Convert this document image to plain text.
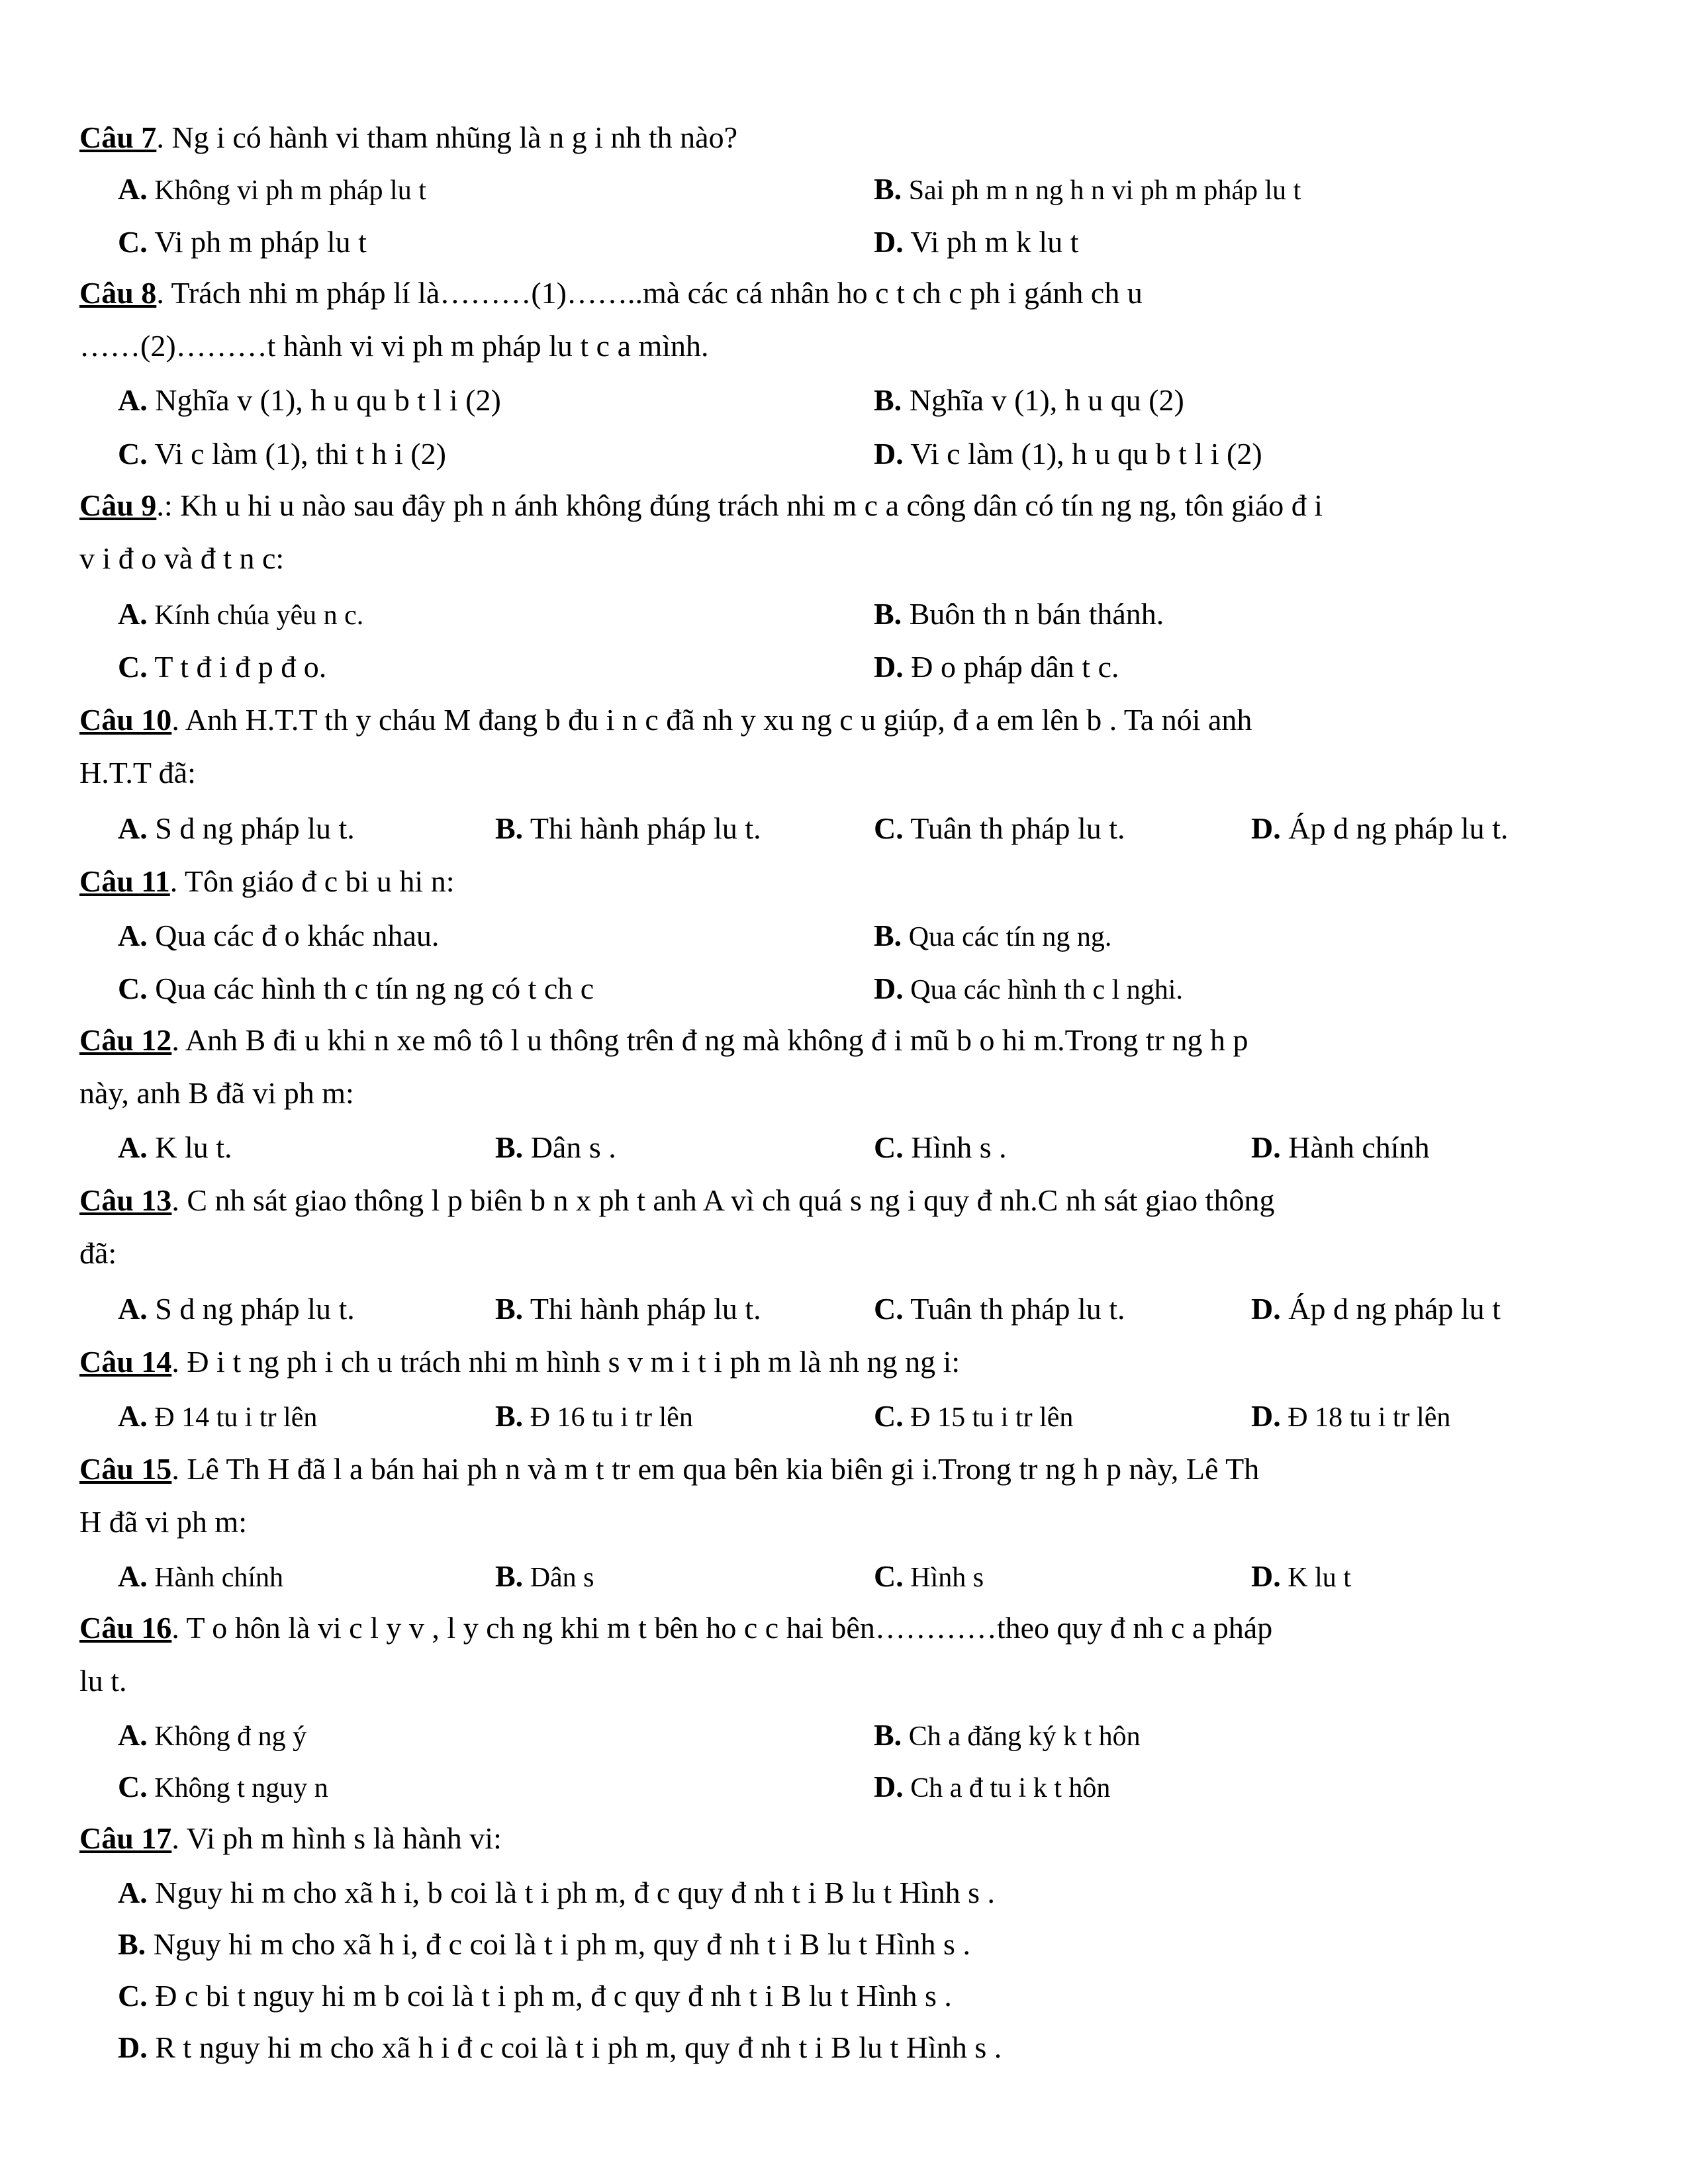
Câu 7. Ng i có hành vi tham nhũng là n g i nh th nào?
A. Không vi ph m pháp lu t	B. Sai ph m n ng h n vi ph m pháp lu t
C. Vi ph m pháp lu t	D. Vi ph m k lu t
Câu 8. Trách nhi m pháp lí là………(1)……..mà các cá nhân ho c t ch c ph i gánh ch u
……(2)………t hành vi vi ph m pháp lu t c a mình.
A. Nghĩa v (1), h u qu b t l i (2)	B. Nghĩa v (1), h u qu (2)
C. Vi c làm (1), thi t h i (2)	D. Vi c làm (1), h u qu b t l i (2)
Câu 9.: Kh u hi u nào sau đây ph n ánh không đúng trách nhi m c a công dân có tín ng ng, tôn giáo đ i
v i đ o và đ t n c:
A. Kính chúa yêu n c.	B. Buôn th n bán thánh.
C. T t đ i đ p đ o.	D. Đ o pháp dân t c.
Câu 10. Anh H.T.T th y cháu M đang b đu i n c đã nh y xu ng c u giúp, đ a em lên b . Ta nói anh
H.T.T đã:
A. S d ng pháp lu t.	B. Thi hành pháp lu t.	C. Tuân th pháp lu t.	D. Áp d ng pháp lu t.
Câu 11. Tôn giáo đ c bi u hi n:
A. Qua các đ o khác nhau.	B. Qua các tín ng ng.
C. Qua các hình th c tín ng ng có t ch c	D. Qua các hình th c l nghi.
Câu 12. Anh B đi u khi n xe mô tô l u thông trên đ ng mà không đ i mũ b o hi m.Trong tr ng h p
này, anh B đã vi ph m:
A. K lu t.	B. Dân s .	C. Hình s .	D. Hành chính
Câu 13. C nh sát giao thông l p biên b n x ph t anh A vì ch quá s ng i quy đ nh.C nh sát giao thông
đã:
A. S d ng pháp lu t.	B. Thi hành pháp lu t.	C. Tuân th pháp lu t.	D. Áp d ng pháp lu t
Câu 14. Đ i t ng ph i ch u trách nhi m hình s v m i t i ph m là nh ng ng i:
A. Đ 14 tu i tr lên	B. Đ 16 tu i tr lên	C. Đ 15 tu i tr lên	D. Đ 18 tu i tr lên
Câu 15. Lê Th H đã l a bán hai ph n và m t tr em qua bên kia biên gi i.Trong tr ng h p này, Lê Th
H đã vi ph m:
A. Hành chính	B. Dân s	C. Hình s	D. K lu t
Câu 16. T o hôn là vi c l y v , l y ch ng khi m t bên ho c c hai bên…………theo quy đ nh c a pháp
lu t.
A. Không đ ng ý	B. Ch a đăng ký k t hôn
C. Không t nguy n	D. Ch a đ tu i k t hôn
Câu 17. Vi ph m hình s là hành vi:
A. Nguy hi m cho xã h i, b coi là t i ph m, đ c quy đ nh t i B lu t Hình s .
B. Nguy hi m cho xã h i, đ c coi là t i ph m, quy đ nh t i B lu t Hình s .
C. Đ c bi t nguy hi m b coi là t i ph m, đ c quy đ nh t i B lu t Hình s .
D. R t nguy hi m cho xã h i đ c coi là t i ph m, quy đ nh t i B lu t Hình s .
